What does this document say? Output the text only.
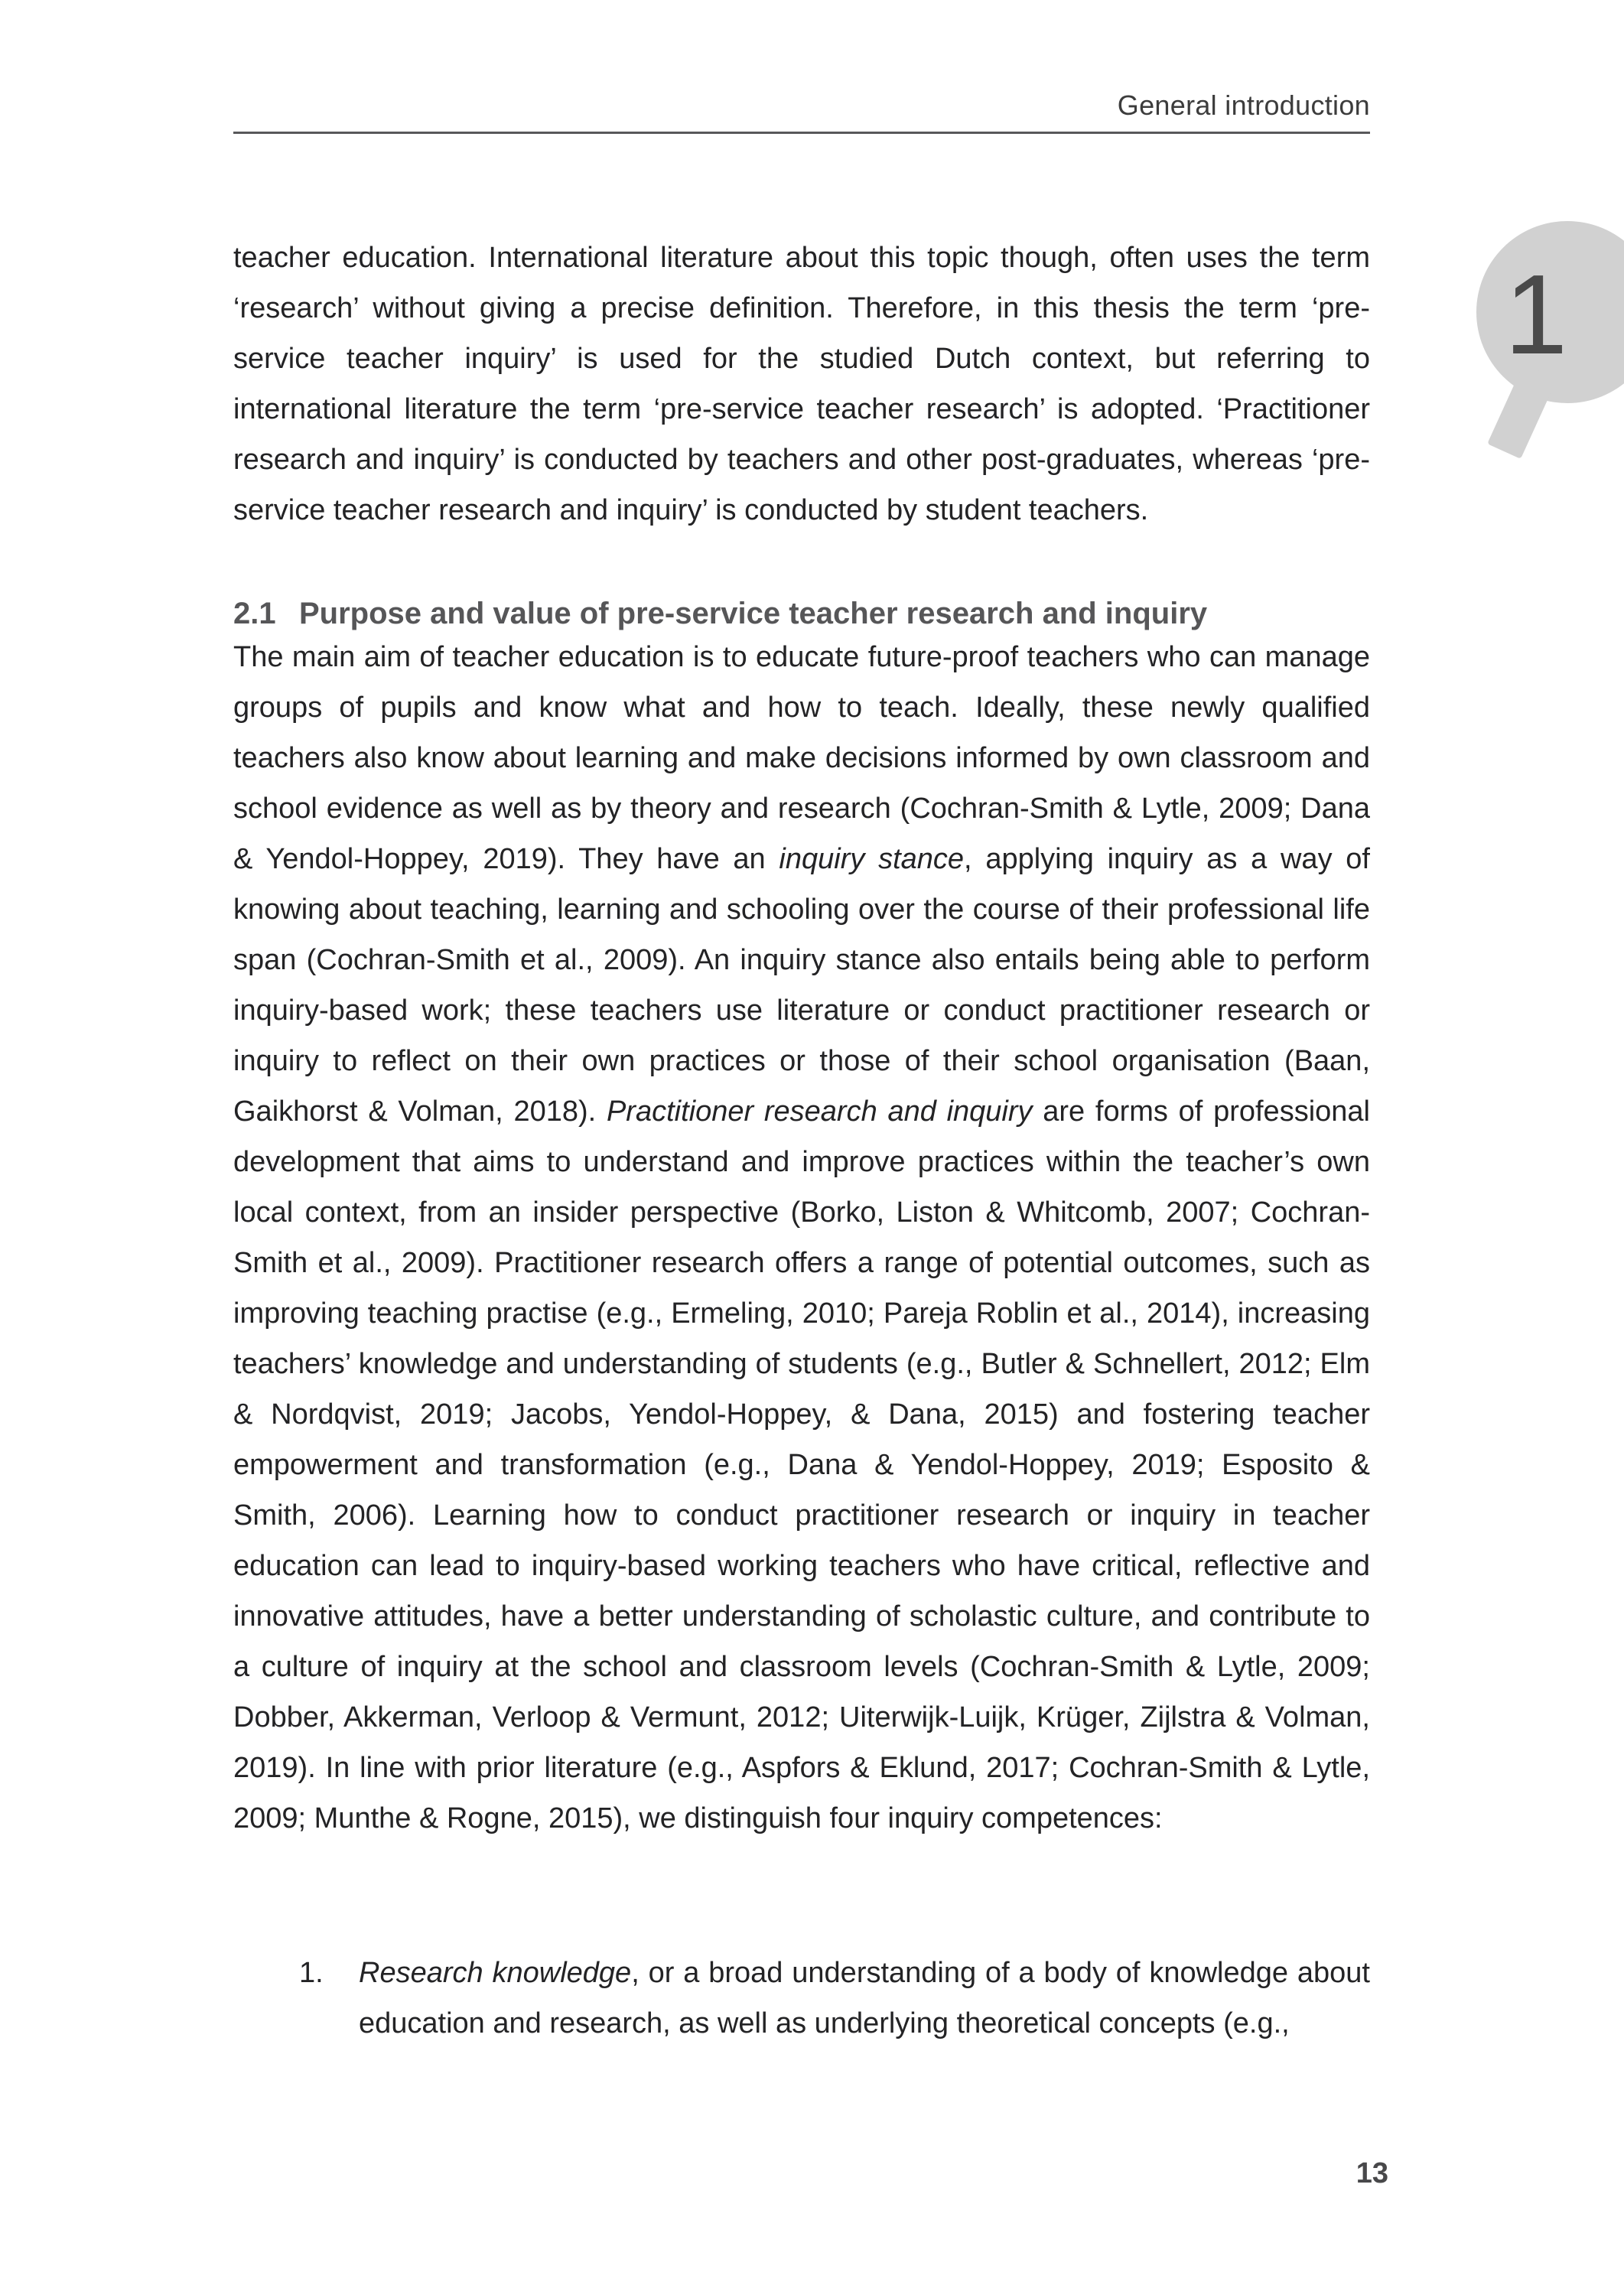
General introduction
1

teacher education. International literature about this topic though, often uses the term ‘research’ without giving a precise definition. Therefore, in this thesis the term ‘pre-service teacher inquiry’ is used for the studied Dutch context, but referring to international literature the term ‘pre-service teacher research’ is adopted. ‘Practitioner research and inquiry’ is conducted by teachers and other post-graduates, whereas ‘pre-service teacher research and inquiry’ is conducted by student teachers.

2.1 Purpose and value of pre-service teacher research and inquiry

The main aim of teacher education is to educate future-proof teachers who can manage groups of pupils and know what and how to teach. Ideally, these newly qualified teachers also know about learning and make decisions informed by own classroom and school evidence as well as by theory and research (Cochran-Smith & Lytle, 2009; Dana & Yendol-Hoppey, 2019). They have an inquiry stance, applying inquiry as a way of knowing about teaching, learning and schooling over the course of their professional life span (Cochran-Smith et al., 2009). An inquiry stance also entails being able to perform inquiry-based work; these teachers use literature or conduct practitioner research or inquiry to reflect on their own practices or those of their school organisation (Baan, Gaikhorst & Volman, 2018). Practitioner research and inquiry are forms of professional development that aims to understand and improve practices within the teacher’s own local context, from an insider perspective (Borko, Liston & Whitcomb, 2007; Cochran-Smith et al., 2009). Practitioner research offers a range of potential outcomes, such as improving teaching practise (e.g., Ermeling, 2010; Pareja Roblin et al., 2014), increasing teachers’ knowledge and understanding of students (e.g., Butler & Schnellert, 2012; Elm & Nordqvist, 2019; Jacobs, Yendol-Hoppey, & Dana, 2015) and fostering teacher empowerment and transformation (e.g., Dana & Yendol-Hoppey, 2019; Esposito & Smith, 2006). Learning how to conduct practitioner research or inquiry in teacher education can lead to inquiry-based working teachers who have critical, reflective and innovative attitudes, have a better understanding of scholastic culture, and contribute to a culture of inquiry at the school and classroom levels (Cochran-Smith & Lytle, 2009; Dobber, Akkerman, Verloop & Vermunt, 2012; Uiterwijk-Luijk, Krüger, Zijlstra & Volman, 2019). In line with prior literature (e.g., Aspfors & Eklund, 2017; Cochran-Smith & Lytle, 2009; Munthe & Rogne, 2015), we distinguish four inquiry competences:

1.	Research knowledge, or a broad understanding of a body of knowledge about education and research, as well as underlying theoretical concepts (e.g.,
13
